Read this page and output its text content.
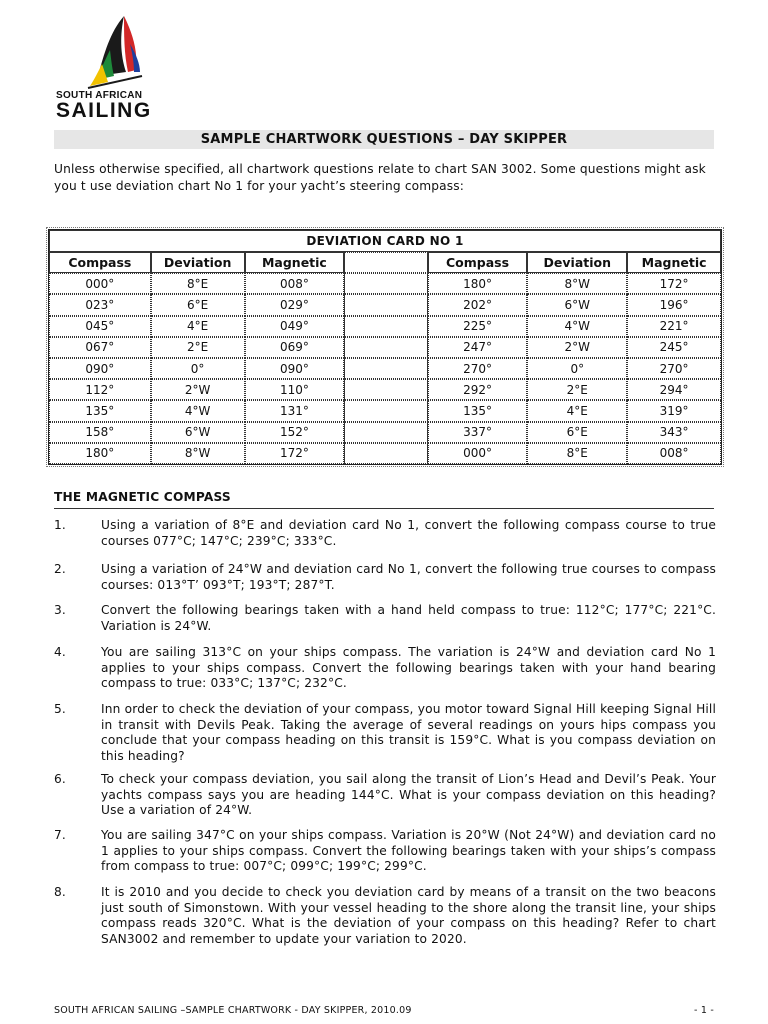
SOUTH AFRICAN
SAILING
SAMPLE CHARTWORK QUESTIONS – DAY SKIPPER
Unless otherwise specified, all chartwork questions relate to chart SAN 3002. Some questions might ask you t use deviation chart No 1 for your yacht’s steering compass:
DEVIATION CARD NO 1						
Compass	Deviation	Magnetic		Compass	Deviation	Magnetic
000°	8°E	008°		180°	8°W	172°
023°	6°E	029°		202°	6°W	196°
045°	4°E	049°		225°	4°W	221°
067°	2°E	069°		247°	2°W	245°
090°	0°	090°		270°	0°	270°
112°	2°W	110°		292°	2°E	294°
135°	4°W	131°		135°	4°E	319°
158°	6°W	152°		337°	6°E	343°
180°	8°W	172°		000°	8°E	008°
THE MAGNETIC COMPASS
1.	Using a variation of 8°E and deviation card No 1, convert the following compass course to true courses 077°C; 147°C; 239°C; 333°C.
2.	Using a variation of 24°W and deviation card No 1, convert the following true courses to compass courses: 013°T’ 093°T; 193°T; 287°T.
3.	Convert the following bearings taken with a hand held compass to true: 112°C; 177°C; 221°C. Variation is 24°W.
4.	You are sailing 313°C on your ships compass. The variation is 24°W and deviation card No 1 applies to your ships compass. Convert the following bearings taken with your hand bearing compass to true: 033°C; 137°C; 232°C.
5.	Inn order to check the deviation of your compass, you motor toward Signal Hill keeping Signal Hill in transit with Devils Peak. Taking the average of several readings on yours hips compass you conclude that your compass heading on this transit is 159°C. What is you compass deviation on this heading?
6.	To check your compass deviation, you sail along the transit of Lion’s Head and Devil’s Peak. Your yachts compass says you are heading 144°C. What is your compass deviation on this heading? Use a variation of 24°W.
7.	You are sailing 347°C on your ships compass. Variation is 20°W (Not 24°W) and deviation card no 1 applies to your ships compass. Convert the following bearings taken with your ships’s compass from compass to true: 007°C; 099°C; 199°C; 299°C.
8.	It is 2010 and you decide to check you deviation card by means of a transit on the two beacons just south of Simonstown. With your vessel heading to the shore along the transit line, your ships compass reads 320°C. What is the deviation of your compass on this heading? Refer to chart SAN3002 and remember to update your variation to 2020.
SOUTH AFRICAN SAILING –SAMPLE CHARTWORK - DAY SKIPPER, 2010.09	- 1 -
